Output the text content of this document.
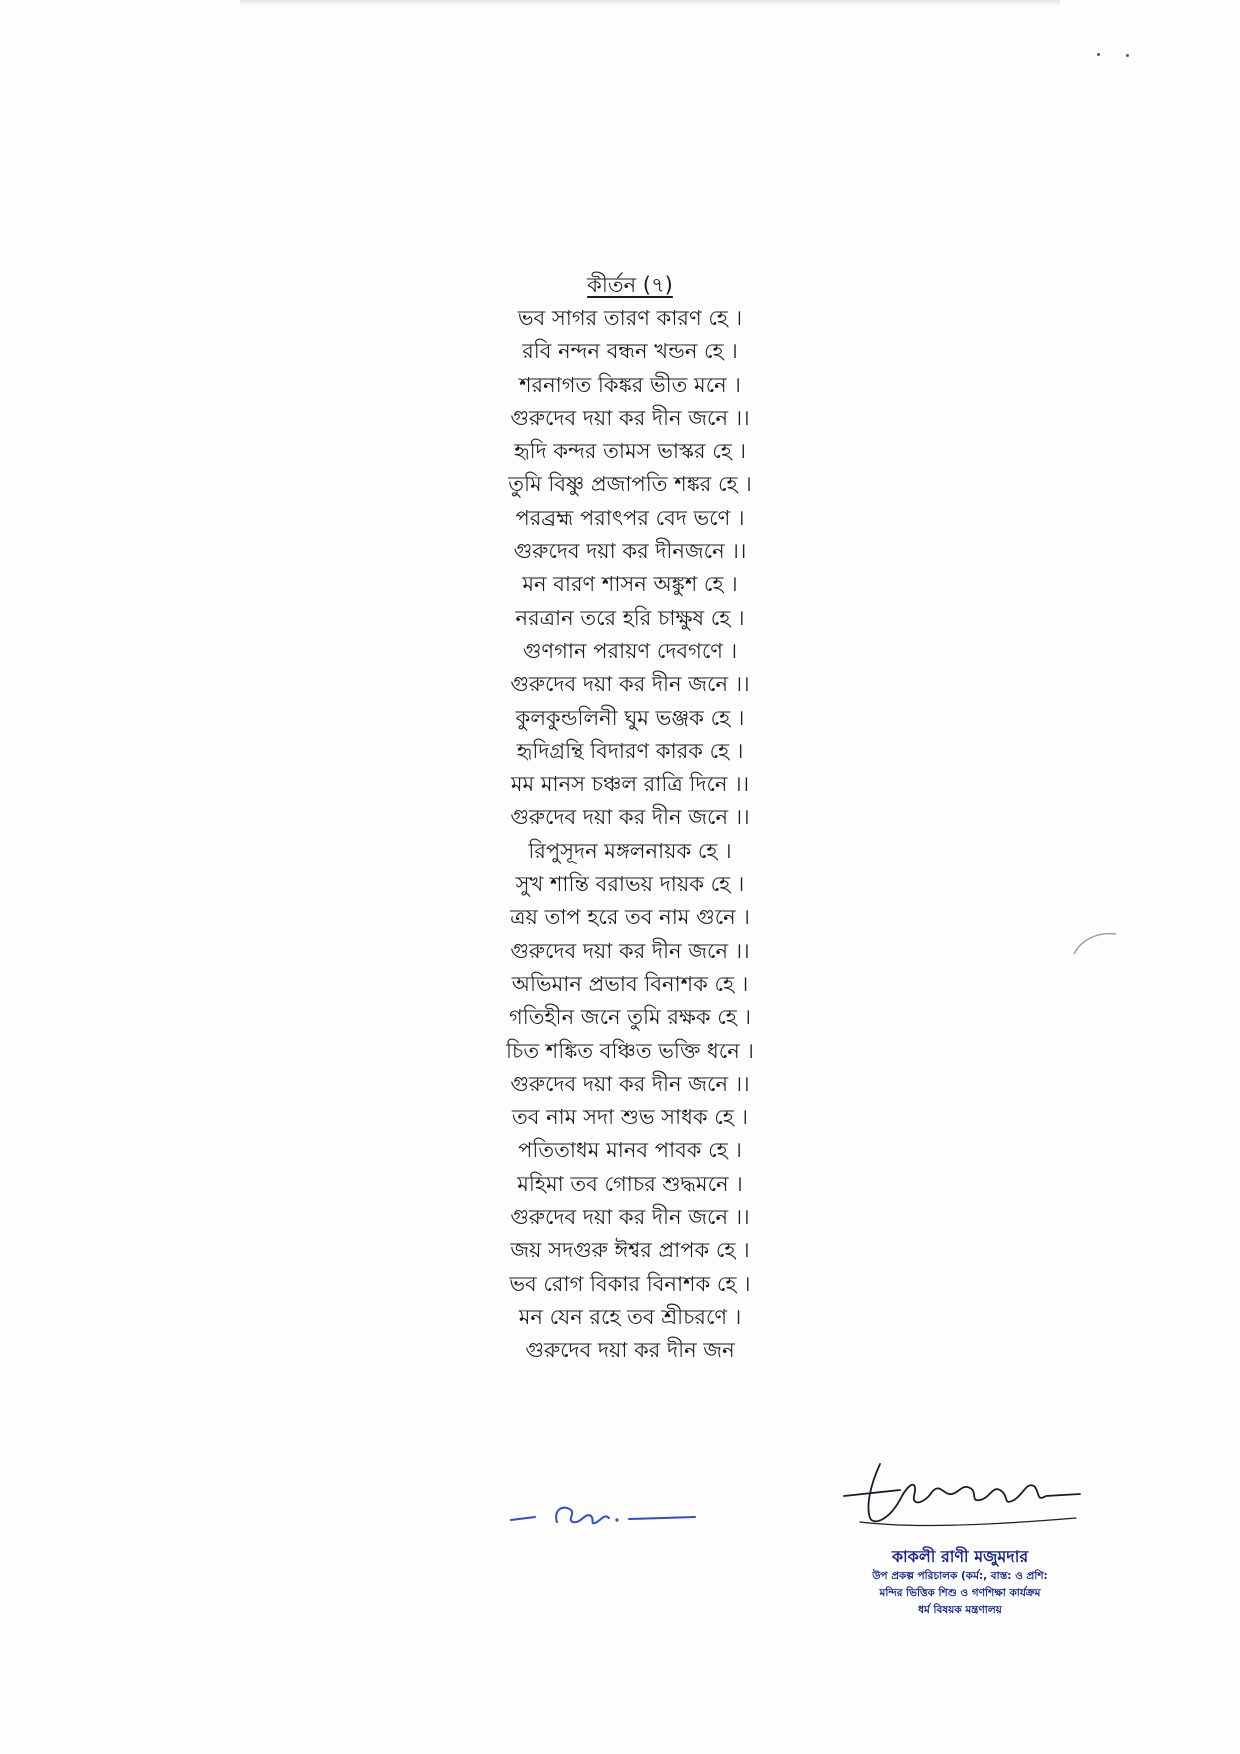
কীর্তন (৭)
ভব সাগর তারণ কারণ হে ।
রবি নন্দন বন্ধন খন্ডন হে ।
শরনাগত কিঙ্কর ভীত মনে ।
গুরুদেব দয়া কর দীন জনে ।।
হৃদি কন্দর তামস ভাস্কর হে ।
তুমি বিষ্ণু প্রজাপতি শঙ্কর হে ।
পরব্রহ্ম পরাৎপর বেদ ভণে ।
গুরুদেব দয়া কর দীনজনে ।।
মন বারণ শাসন অঙ্কুশ হে ।
নরত্রান তরে হরি চাক্ষুষ হে ।
গুণগান পরায়ণ দেবগণে ।
গুরুদেব দয়া কর দীন জনে ।।
কুলকুন্ডলিনী ঘুম ভঞ্জক হে ।
হৃদিগ্রন্থি বিদারণ কারক হে ।
মম মানস চঞ্চল রাত্রি দিনে ।।
গুরুদেব দয়া কর দীন জনে ।।
রিপুসূদন মঙ্গলনায়ক হে ।
সুখ শান্তি বরাভয় দায়ক হে ।
ত্রয় তাপ হরে তব নাম গুনে ।
গুরুদেব দয়া কর দীন জনে ।।
অভিমান প্রভাব বিনাশক হে ।
গতিহীন জনে তুমি রক্ষক হে ।
চিত শঙ্কিত বঞ্চিত ভক্তি ধনে ।
গুরুদেব দয়া কর দীন জনে ।।
তব নাম সদা শুভ সাধক হে ।
পতিতাধম মানব পাবক হে ।
মহিমা তব গোচর শুদ্ধমনে ।
গুরুদেব দয়া কর দীন জনে ।।
জয় সদগুরু ঈশ্বর প্রাপক হে ।
ভব রোগ বিকার বিনাশক হে ।
মন যেন রহে তব শ্রীচরণে ।
গুরুদেব দয়া কর দীন জন
কাকলী রাণী মজুমদার
উপ প্রকল্প পরিচালক (কর্ম:, বাস্ত: ও প্রশি:
মন্দির ভিত্তিক শিশু ও গণশিক্ষা কার্যক্রম
ধর্ম বিষয়ক মন্ত্রণালয়
